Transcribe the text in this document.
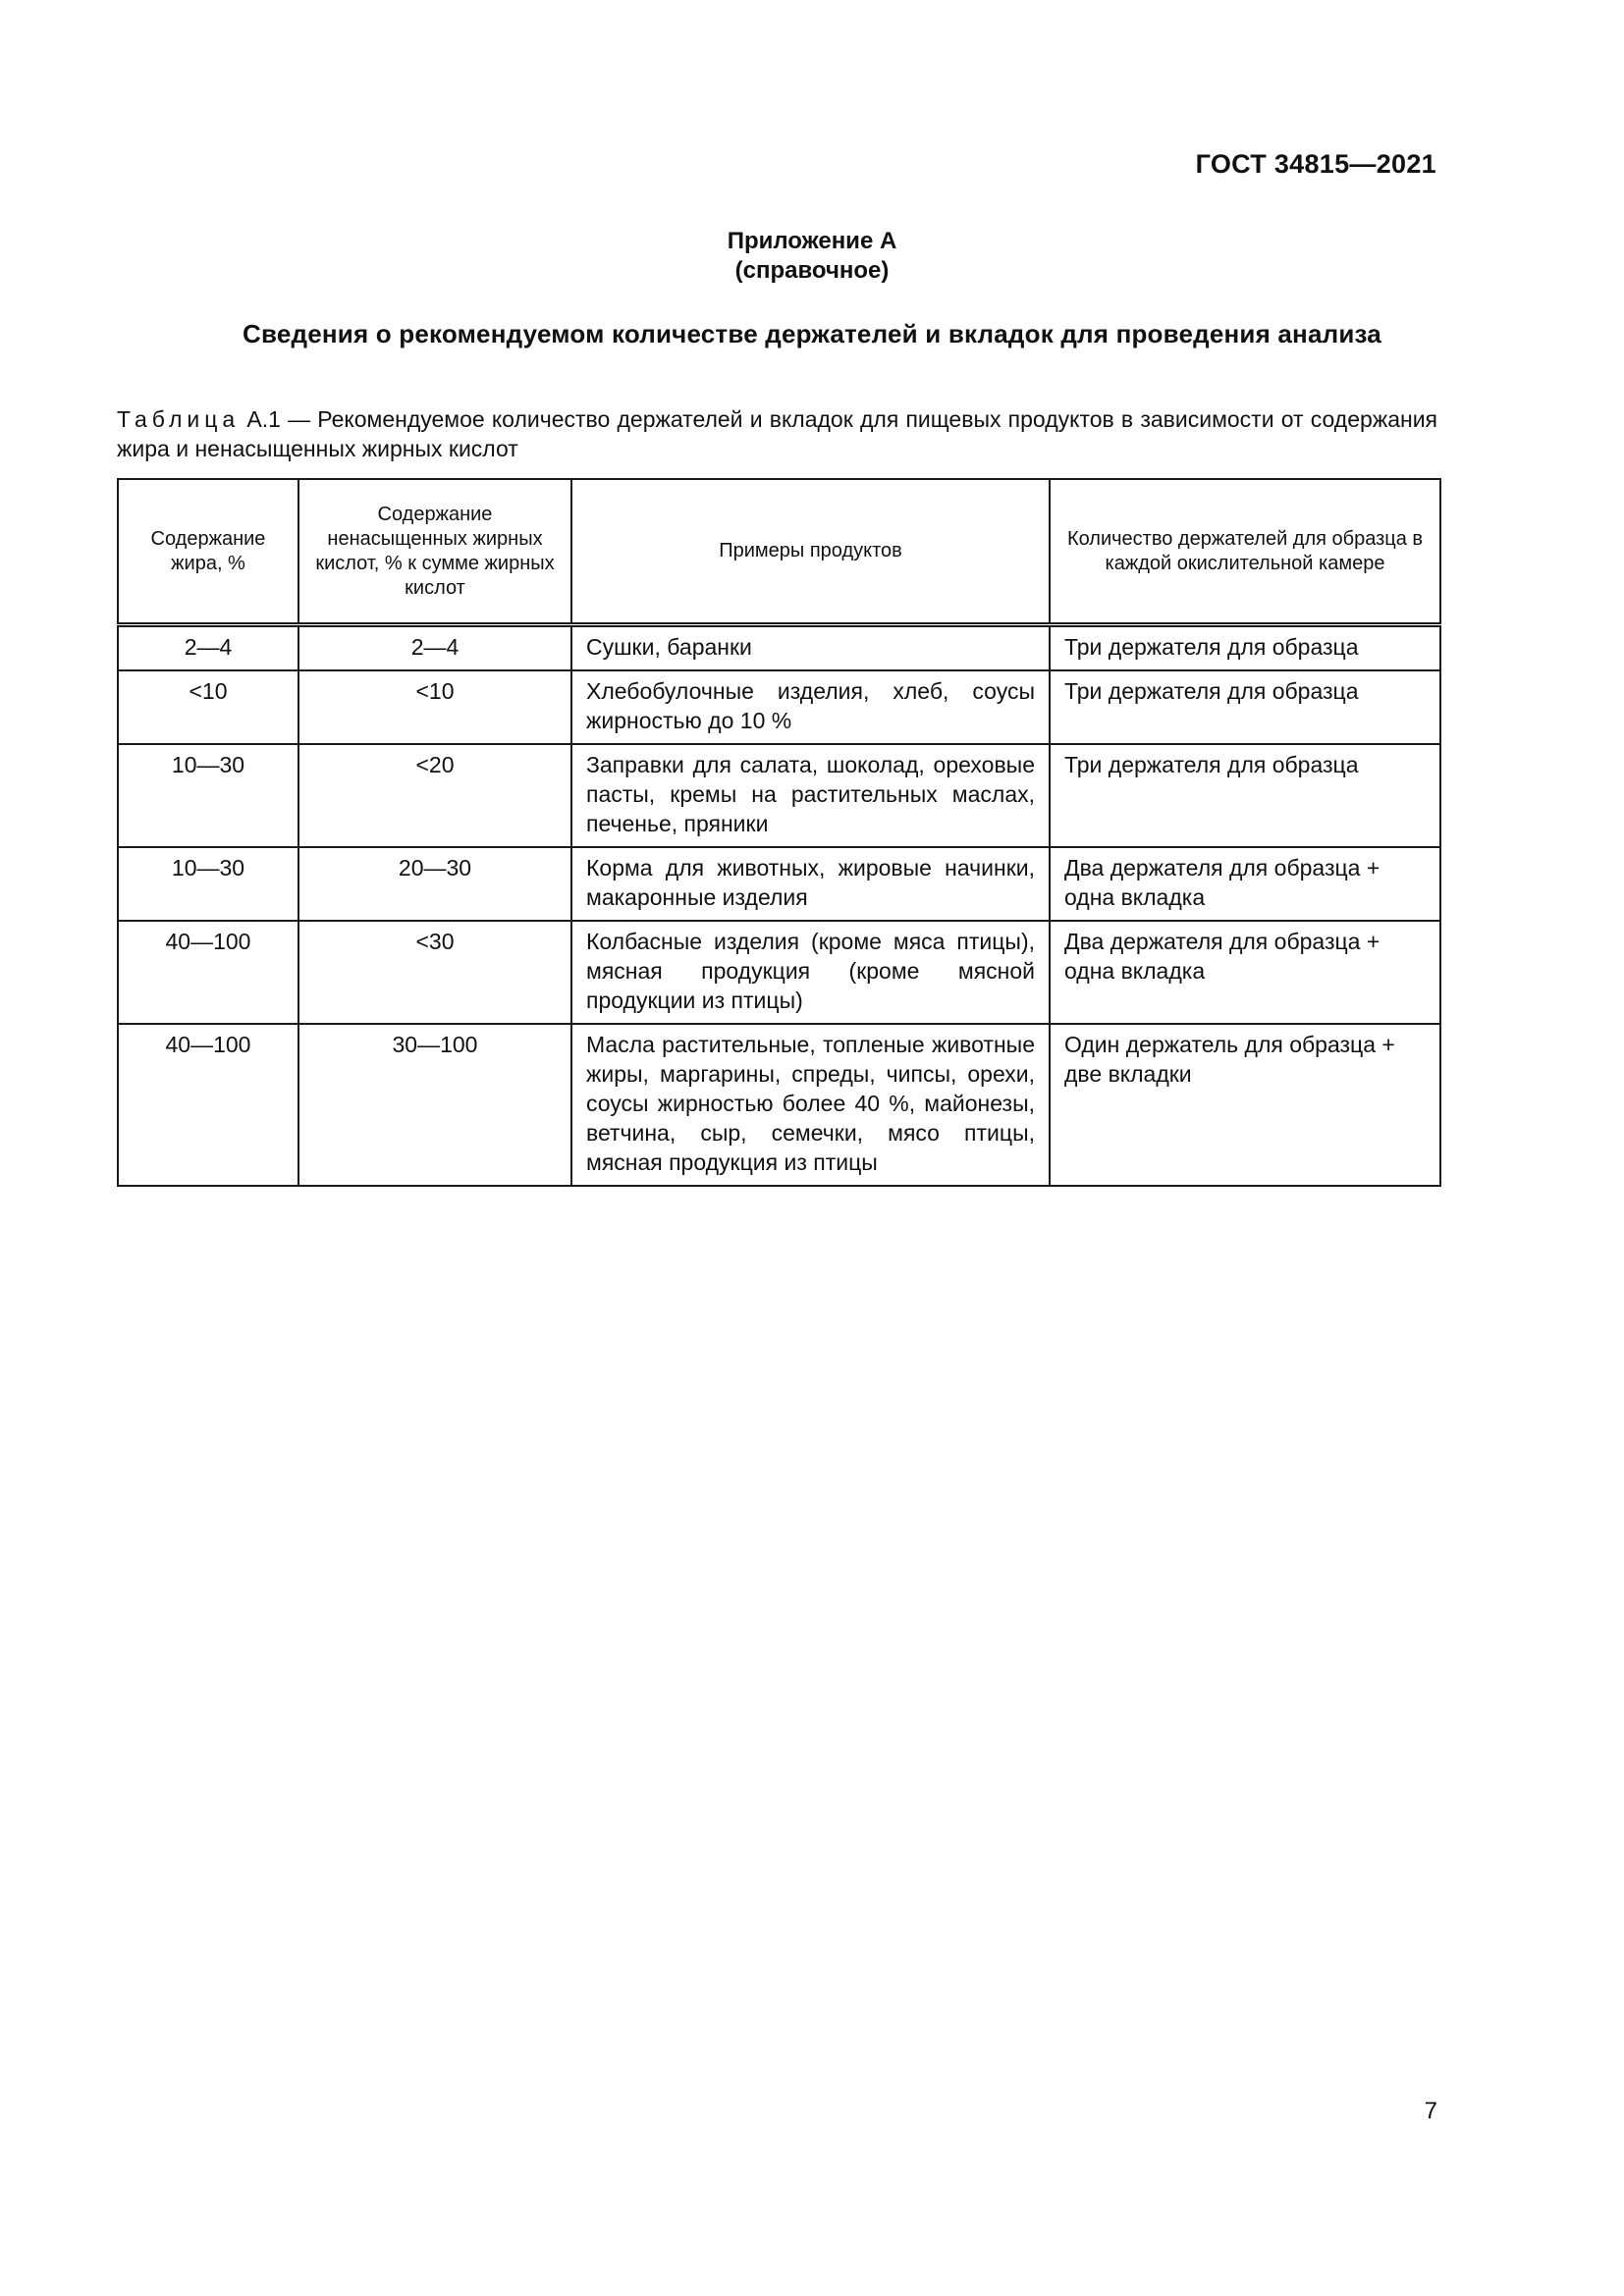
ГОСТ 34815—2021
Приложение А
(справочное)
Сведения о рекомендуемом количестве держателей и вкладок для проведения анализа
Таблица А.1 — Рекомендуемое количество держателей и вкладок для пищевых продуктов в зависимости от содержания жира и ненасыщенных жирных кислот
Содержание жира, %	Содержание ненасыщенных жирных кислот, % к сумме жирных кислот	Примеры продуктов	Количество держателей для образца в каждой окислительной камере
2—4	2—4	Сушки, баранки	Три держателя для образца
<10	<10	Хлебобулочные изделия, хлеб, соусы жирностью до 10 %	Три держателя для образца
10—30	<20	Заправки для салата, шоколад, ореховые пасты, кремы на растительных маслах, печенье, пряники	Три держателя для образца
10—30	20—30	Корма для животных, жировые начинки, макаронные изделия	Два держателя для образца + одна вкладка
40—100	<30	Колбасные изделия (кроме мяса птицы), мясная продукция (кроме мясной продукции из птицы)	Два держателя для образца + одна вкладка
40—100	30—100	Масла растительные, топленые животные жиры, маргарины, спреды, чипсы, орехи, соусы жирностью более 40 %, майонезы, ветчина, сыр, семечки, мясо птицы, мясная продукция из птицы	Один держатель для образца + две вкладки
7
